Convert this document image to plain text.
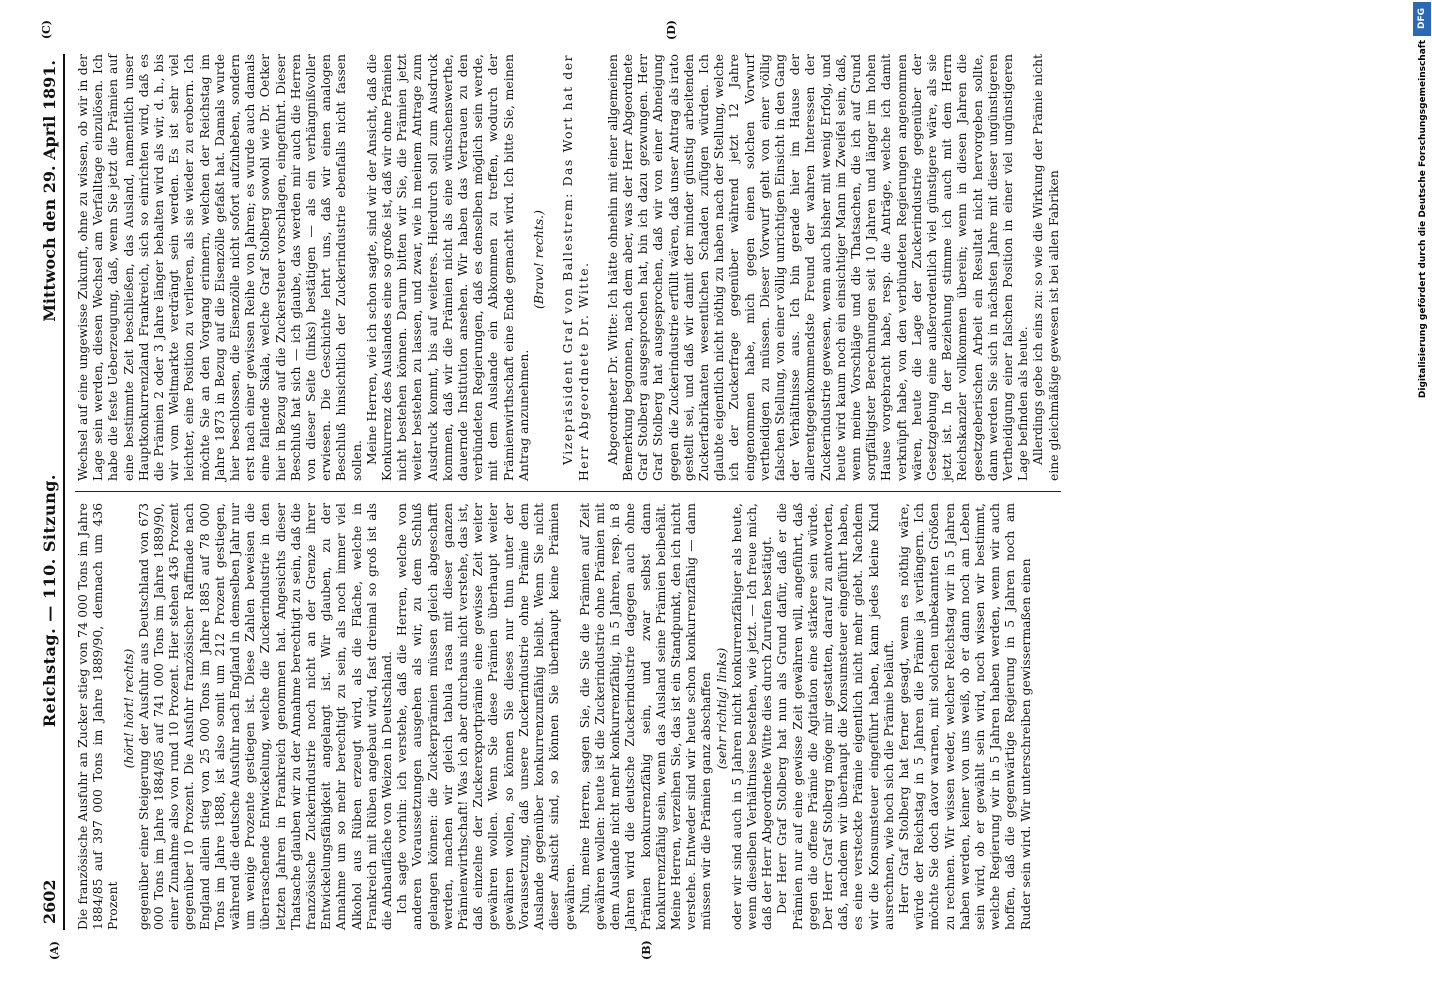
2602
Reichstag. — 110. Sitzung.
Mittwoch den 29. April 1891.

Die französische Ausfuhr an Zucker stieg von 74 000 Tons im Jahre 1884/85 auf 397 000 Tons im Jahre 1889/90, demnach um 436 Prozent

(hört! hört! rechts) gegenüber einer Steigerung der Ausfuhr aus Deutschland von 673 000 Tons im Jahre 1884/85 auf 741 000 Tons im Jahre 1889/90, einer Zunahme also von rund 10 Prozent. Hier stehen 436 Prozent gegenüber 10 Prozent. Die Ausfuhr französischer Raffinade nach England allein stieg von 25 000 Tons im Jahre 1885 auf 78 000 Tons im Jahre 1888, ist also somit um 212 Prozent gestiegen, während die deutsche Ausfuhr nach England in demselben Jahr nur um wenige Prozente gestiegen ist. Diese Zahlen beweisen die überraschende Entwickelung, welche die Zuckerindustrie in den letzten Jahren in Frankreich genommen hat. Angesichts dieser Thatsache glauben wir zu der Annahme berechtigt zu sein, daß die französische Zuckerindustrie noch nicht an der Grenze ihrer Entwickelungsfähigkeit angelangt ist. Wir glauben, zu der Annahme um so mehr berechtigt zu sein, als noch immer viel Alkohol aus Rüben erzeugt wird, als die Fläche, welche in Frankreich mit Rüben angebaut wird, fast dreimal so groß ist als die Anbaufläche von Weizen in Deutschland. Ich sagte vorhin: ich verstehe, daß die Herren, welche von anderen Voraussetzungen ausgehen als wir, zu dem Schluß gelangen können: die Zuckerprämien müssen gleich abgeschafft werden, machen wir gleich tabula rasa mit dieser ganzen Prämienwirthschaft! Was ich aber durchaus nicht verstehe, das ist, daß einzelne der Zuckerexportprämie eine gewisse Zeit weiter gewähren wollen. Wenn Sie diese Prämien überhaupt weiter gewähren wollen, so können Sie dieses nur thun unter der Voraussetzung, daß unsere Zuckerindustrie ohne Prämie dem Auslande gegenüber konkurrenzunfähig bleibt. Wenn Sie nicht dieser Ansicht sind, so können Sie überhaupt keine Prämien gewähren. Nun, meine Herren, sagen Sie, die Sie die Prämien auf Zeit gewähren wollen: heute ist die Zuckerindustrie ohne Prämien mit dem Auslande nicht mehr konkurrenzfähig, in 5 Jahren, resp. in 8 Jahren wird die deutsche Zuckerindustrie dagegen auch ohne Prämien konkurrenzfähig sein, und zwar selbst dann konkurrenzfähig sein, wenn das Ausland seine Prämien beibehält. Meine Herren, verzeihen Sie, das ist ein Standpunkt, den ich nicht verstehe. Entweder sind wir heute schon konkurrenzfähig — dann müssen wir die Prämien ganz abschaffen (sehr richtig! links) oder wir sind auch in 5 Jahren nicht konkurrenzfähiger als heute, wenn dieselben Verhältnisse bestehen, wie jetzt. — Ich freue mich, daß der Herr Abgeordnete Witte dies durch Zurufen bestätigt. Der Herr Graf Stolberg hat nun als Grund dafür, daß er die Prämien nur auf eine gewisse Zeit gewähren will, angeführt, daß gegen die offene Prämie die Agitation eine stärkere sein würde. Der Herr Graf Stolberg möge mir gestatten, darauf zu antworten, daß, nachdem wir überhaupt die Konsumsteuer eingeführt haben, es eine versteckte Prämie eigentlich nicht mehr giebt. Nachdem wir die Konsumsteuer eingeführt haben, kann jedes kleine Kind ausrechnen, wie hoch sich die Prämie beläuft. Herr Graf Stolberg hat ferner gesagt, wenn es nöthig wäre, würde der Reichstag in 5 Jahren die Prämie ja verlängern. Ich möchte Sie doch davor warnen, mit solchen unbekannten Größen zu rechnen. Wir wissen weder, welcher Reichstag wir in 5 Jahren haben werden, keiner von uns weiß, ob er dann noch am Leben sein wird, ob er gewählt sein wird, noch wissen wir bestimmt, welche Regierung wir in 5 Jahren haben werden, wenn wir auch hoffen, daß die gegenwärtige Regierung in 5 Jahren noch am Ruder sein wird. Wir unterschreiben gewissermaßen einen

Wechsel auf eine ungewisse Zukunft, ohne zu wissen, ob wir in der Lage sein werden, diesen Wechsel am Verfalltage einzulösen. Ich habe die feste Ueberzeugung, daß, wenn Sie jetzt die Prämien auf eine bestimmte Zeit beschließen, das Ausland, namentlich unser Hauptkonkurrenzland Frankreich, sich so einrichten wird, daß es die Prämien 2 oder 3 Jahre länger behalten wird als wir, d. h., bis wir vom Weltmarkte verdrängt sein werden. Es ist sehr viel leichter, eine Position zu verlieren, als sie wieder zu erobern. Ich möchte Sie an den Vorgang erinnern, welchen der Reichstag im Jahre 1873 in Bezug auf die Eisenzölle gefaßt hat. Damals wurde hier beschlossen, die Eisenzölle nicht sofort aufzuheben, sondern erst nach einer gewissen Reihe von Jahren; es wurde auch damals eine fallende Skala, welche Graf Stolberg sowohl wie Dr. Oetker hier in Bezug auf die Zuckersteuer vorschlagen, eingeführt. Dieser Beschluß hat sich — ich glaube, das werden mir auch die Herren von dieser Seite (links) bestätigen — als ein verhängnißvoller erwiesen. Die Geschichte lehrt uns, daß wir einen analogen Beschluß hinsichtlich der Zuckerindustrie ebenfalls nicht fassen sollen. Meine Herren, wie ich schon sagte, sind wir der Ansicht, daß die Konkurrenz des Auslandes eine so große ist, daß wir ohne Prämien nicht bestehen können. Darum bitten wir Sie, die Prämien jetzt weiter bestehen zu lassen, und zwar, wie in meinem Antrage zum Ausdruck kommt, bis auf weiteres. Hierdurch soll zum Ausdruck kommen, daß wir die Prämien nicht als eine wünschenswerthe, dauernde Institution ansehen. Wir haben das Vertrauen zu den verbündeten Regierungen, daß es denselben möglich sein werde, mit dem Auslande ein Abkommen zu treffen, wodurch der Prämienwirthschaft eine Ende gemacht wird. Ich bitte Sie, meinen Antrag anzunehmen.

(Bravo! rechts.) Vizepräsident Graf von Ballestrem: Das Wort hat der Herr Abgeordnete Dr. Witte. Abgeordneter Dr. Witte: Ich hätte ohnehin mit einer allgemeinen Bemerkung begonnen, nach dem aber, was der Herr Abgeordnete Graf Stolberg ausgesprochen hat, bin ich dazu gezwungen. Herr Graf Stolberg hat ausgesprochen, daß wir von einer Abneigung gegen die Zuckerindustrie erfüllt wären, daß unser Antrag als irato gestellt sei, und daß wir damit der minder günstig arbeitenden Zuckerfabrikanten wesentlichen Schaden zufügen würden. Ich glaubte eigentlich nicht nöthig zu haben nach der Stellung, welche ich der Zuckerfrage gegenüber während jetzt 12 Jahre eingenommen habe, mich gegen einen solchen Vorwurf vertheidigen zu müssen. Dieser Vorwurf geht von einer völlig falschen Stellung, von einer völlig unrichtigen Einsicht in den Gang der Verhältnisse aus. Ich bin gerade hier im Hause der allerentgegenkommendste Freund der wahren Interessen der Zuckerindustrie gewesen, wenn auch bisher mit wenig Erfolg, und heute wird kaum noch ein einsichtiger Mann im Zweifel sein, daß, wenn meine Vorschläge und die Thatsachen, die ich auf Grund sorgfältigster Berechnungen seit 10 Jahren und länger im hohen Hause vorgebracht habe, resp. die Anträge, welche ich damit verknüpft habe, von den verbündeten Regierungen angenommen wären, heute die Lage der Zuckerindustrie gegenüber der Gesetzgebung eine außerordentlich viel günstigere wäre, als sie jetzt ist. In der Beziehung stimme ich auch mit dem Herrn Reichskanzler vollkommen überein; wenn in diesen Jahren die gesetzgeberischen Arbeit ein Resultat nicht hervorgeben sollte, dann werden Sie sich in nächsten Jahre mit dieser ungünstigeren Vertheidigung einer falschen Position in einer viel ungünstigeren Lage befinden als heute. Allerdings gebe ich eins zu: so wie die Wirkung der Prämie nicht eine gleichmäßige gewesen ist bei allen Fabriken

(A)	(B)
(C)	(D)
DFG
Digitalisierung gefördert durch die Deutsche Forschungsgemeinschaft
